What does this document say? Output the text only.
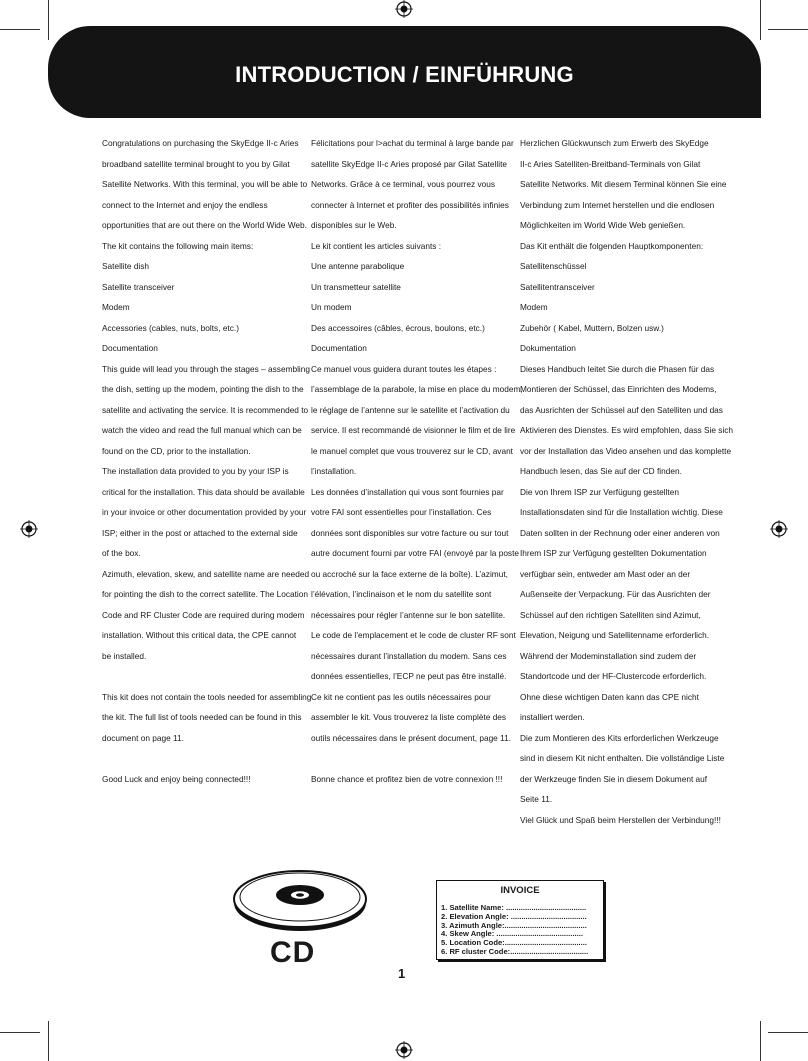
INTRODUCTION / EINFÜHRUNG

Congratulations on purchasing the SkyEdge II-c Aries

broadband satellite terminal brought to you by Gilat

Satellite Networks. With this terminal, you will be able to

connect to the Internet and enjoy the endless

opportunities that are out there on the World Wide Web.

The kit contains the following main items:

Satellite dish

Satellite transceiver

Modem

Accessories (cables, nuts, bolts, etc.)

Documentation

This guide will lead you through the stages – assembling

the dish, setting up the modem, pointing the dish to the

satellite and activating the service. It is recommended to

watch the video and read the full manual which can be

found on the CD, prior to the installation.

The installation data provided to you by your ISP is

critical for the installation. This data should be available

in your invoice or other documentation provided by your

ISP; either in the post or attached to the external side

of the box.

Azimuth, elevation, skew, and satellite name are needed

for pointing the dish to the correct satellite. The Location

Code and RF Cluster Code are required during modem

installation. Without this critical data, the CPE cannot

be installed.

This kit does not contain the tools needed for assembling

the kit. The full list of tools needed can be found in this

document on page 11.

Good Luck and enjoy being connected!!!

Félicitations pour l>achat du terminal à large bande par

satellite SkyEdge II-c Aries proposé par Gilat Satellite

Networks. Grâce à ce terminal, vous pourrez vous

connecter à Internet et profiter des possibilités infinies

disponibles sur le Web.

Le kit contient les articles suivants :

Une antenne parabolique

Un transmetteur satellite

Un modem

Des accessoires (câbles, écrous, boulons, etc.)

Documentation

Ce manuel vous guidera durant toutes les étapes :

l’assemblage de la parabole, la mise en place du modem,

le réglage de l’antenne sur le satellite et l’activation du

service. Il est recommandé de visionner le film et de lire

le manuel complet que vous trouverez sur le CD, avant

l’installation.

Les données d’installation qui vous sont fournies par

votre FAI sont essentielles pour l’installation. Ces

données sont disponibles sur votre facture ou sur tout

autre document fourni par votre FAI (envoyé par la poste

ou accroché sur la face externe de la boîte). L’azimut,

l’élévation, l’inclinaison et le nom du satellite sont

nécessaires pour régler l’antenne sur le bon satellite.

Le code de l’emplacement et le code de cluster RF sont

nécessaires durant l’installation du modem. Sans ces

données essentielles, l’ECP ne peut pas être installé.

Ce kit ne contient pas les outils nécessaires pour

assembler le kit. Vous trouverez la liste complète des

outils nécessaires dans le présent document, page 11.

Bonne chance et profitez bien de votre connexion !!!

Herzlichen Glückwunsch zum Erwerb des SkyEdge

II-c Aries Satelliten-Breitband-Terminals von Gilat

Satellite Networks. Mit diesem Terminal können Sie eine

Verbindung zum Internet herstellen und die endlosen

Möglichkeiten im World Wide Web genießen.

Das Kit enthält die folgenden Hauptkomponenten:

Satellitenschüssel

Satellitentransceiver

Modem

Zubehör ( Kabel, Muttern, Bolzen usw.)

Dokumentation

Dieses Handbuch leitet Sie durch die Phasen für das

Montieren der Schüssel, das Einrichten des Modems,

das Ausrichten der Schüssel auf den Satelliten und das

Aktivieren des Dienstes. Es wird empfohlen, dass Sie sich

vor der Installation das Video ansehen und das komplette

Handbuch lesen, das Sie auf der CD finden.

Die von Ihrem ISP zur Verfügung gestellten

Installationsdaten sind für die Installation wichtig. Diese

Daten sollten in der Rechnung oder einer anderen von

Ihrem ISP zur Verfügung gestellten Dokumentation

verfügbar sein, entweder am Mast oder an der

Außenseite der Verpackung. Für das Ausrichten der

Schüssel auf den richtigen Satelliten sind Azimut,

Elevation, Neigung und Satellitenname erforderlich.

Während der Modeminstallation sind zudem der

Standortcode und der HF-Clustercode erforderlich.

Ohne diese wichtigen Daten kann das CPE nicht

installiert werden.

Die zum Montieren des Kits erforderlichen Werkzeuge

sind in diesem Kit nicht enthalten. Die vollständige Liste

der Werkzeuge finden Sie in diesem Dokument auf

Seite 11.

Viel Glück und Spaß beim Herstellen der Verbindung!!!

CD
1
INVOICE
1. Satellite Name: ......................................
2. Elevation Angle: ....................................
3. Azimuth Angle:.......................................
4. Skew Angle: .........................................
5. Location Code:.......................................
6. RF cluster Code:.....................................
